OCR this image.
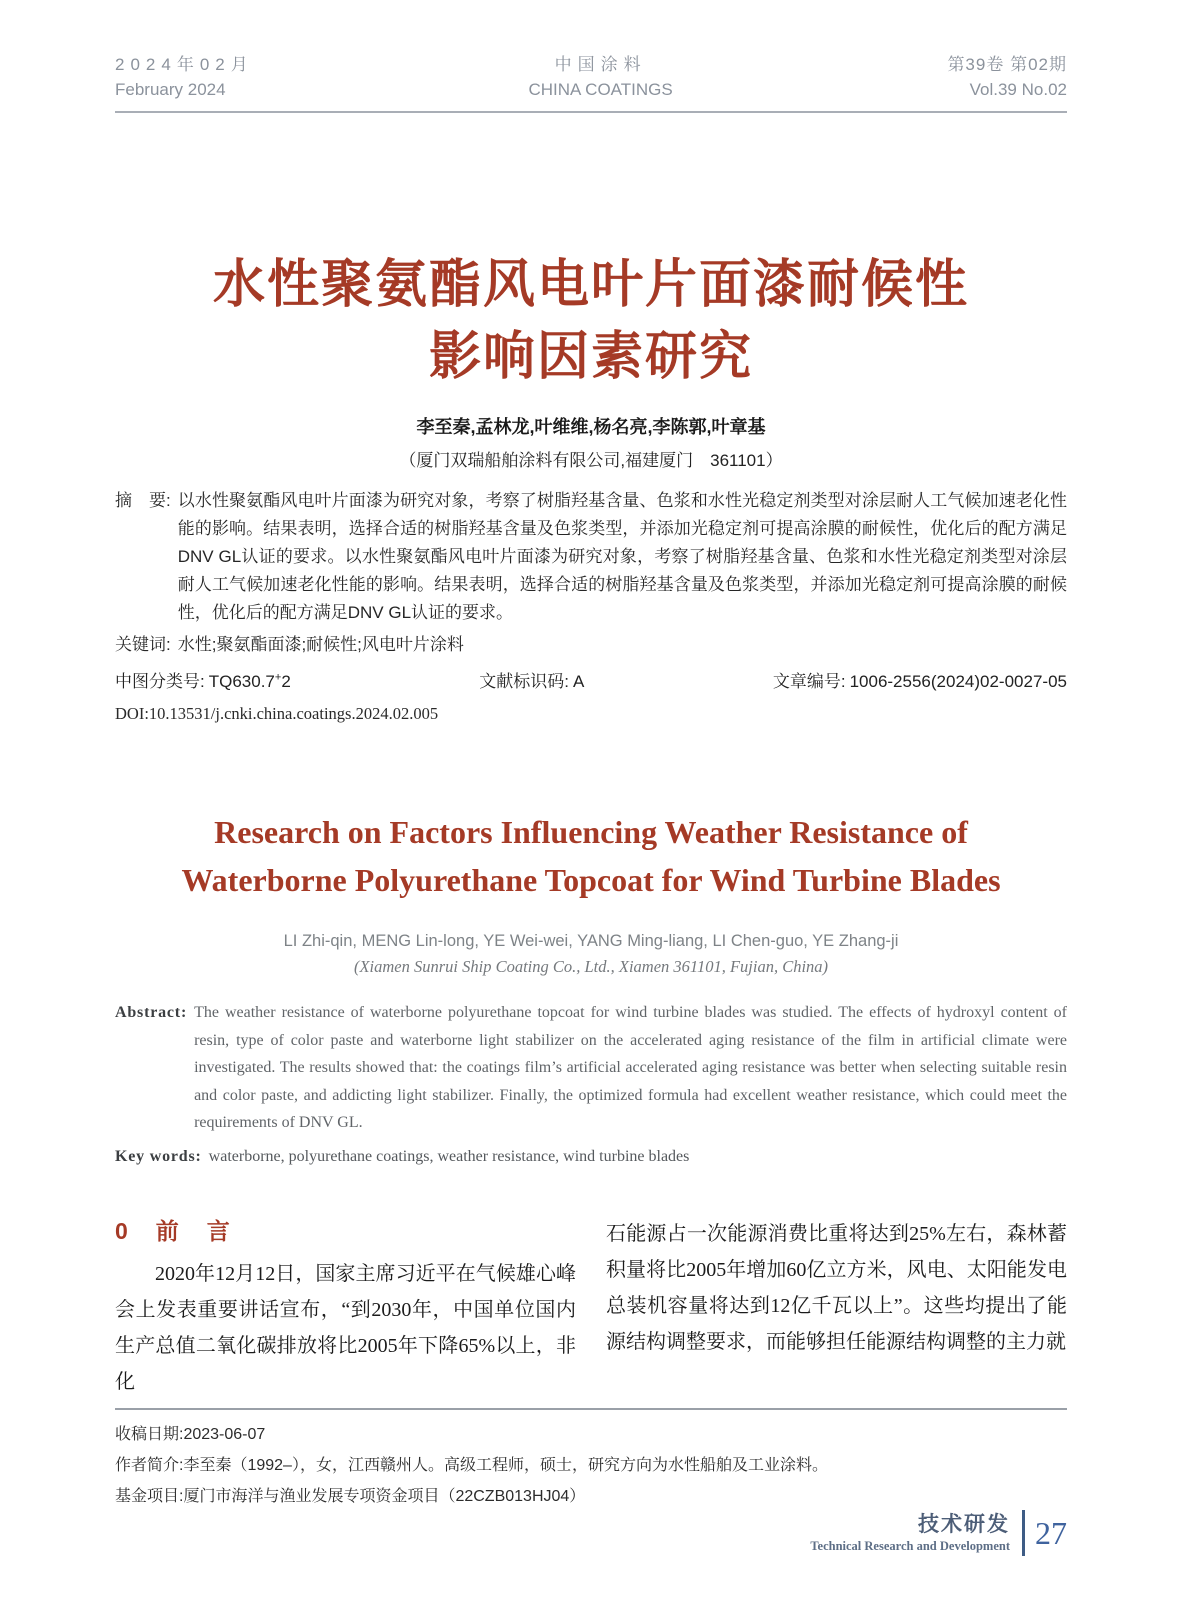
2024年02月
February 2024
中国涂料
CHINA COATINGS
第39卷 第02期
Vol.39 No.02
水性聚氨酯风电叶片面漆耐候性
影响因素研究
李至秦,孟林龙,叶维维,杨名亮,李陈郭,叶章基
（厦门双瑞船舶涂料有限公司,福建厦门　361101）
摘　要: 以水性聚氨酯风电叶片面漆为研究对象，考察了树脂羟基含量、色浆和水性光稳定剂类型对涂层耐人工气候加速老化性能的影响。结果表明，选择合适的树脂羟基含量及色浆类型，并添加光稳定剂可提高涂膜的耐候性，优化后的配方满足DNV GL认证的要求。以水性聚氨酯风电叶片面漆为研究对象，考察了树脂羟基含量、色浆和水性光稳定剂类型对涂层耐人工气候加速老化性能的影响。结果表明，选择合适的树脂羟基含量及色浆类型，并添加光稳定剂可提高涂膜的耐候性，优化后的配方满足DNV GL认证的要求。
关键词: 水性;聚氨酯面漆;耐候性;风电叶片涂料
中图分类号: TQ630.7+2	文献标识码: A	文章编号: 1006-2556(2024)02-0027-05
DOI:10.13531/j.cnki.china.coatings.2024.02.005
Research on Factors Influencing Weather Resistance of
Waterborne Polyurethane Topcoat for Wind Turbine Blades
LI Zhi-qin, MENG Lin-long, YE Wei-wei, YANG Ming-liang, LI Chen-guo, YE Zhang-ji
(Xiamen Sunrui Ship Coating Co., Ltd., Xiamen 361101, Fujian, China)
Abstract: The weather resistance of waterborne polyurethane topcoat for wind turbine blades was studied. The effects of hydroxyl content of resin, type of color paste and waterborne light stabilizer on the accelerated aging resistance of the film in artificial climate were investigated. The results showed that: the coatings film’s artificial accelerated aging resistance was better when selecting suitable resin and color paste, and addicting light stabilizer. Finally, the optimized formula had excellent weather resistance, which could meet the requirements of DNV GL.
Key words: waterborne, polyurethane coatings, weather resistance, wind turbine blades
0 前言

2020年12月12日，国家主席习近平在气候雄心峰会上发表重要讲话宣布，“到2030年，中国单位国内生产总值二氧化碳排放将比2005年下降65%以上，非化

石能源占一次能源消费比重将达到25%左右，森林蓄积量将比2005年增加60亿立方米，风电、太阳能发电总装机容量将达到12亿千瓦以上”。这些均提出了能源结构调整要求，而能够担任能源结构调整的主力就

收稿日期:2023-06-07
作者简介:李至秦（1992–），女，江西赣州人。高级工程师，硕士，研究方向为水性船舶及工业涂料。
基金项目:厦门市海洋与渔业发展专项资金项目（22CZB013HJ04）
技术研发
Technical Research and Development 27
